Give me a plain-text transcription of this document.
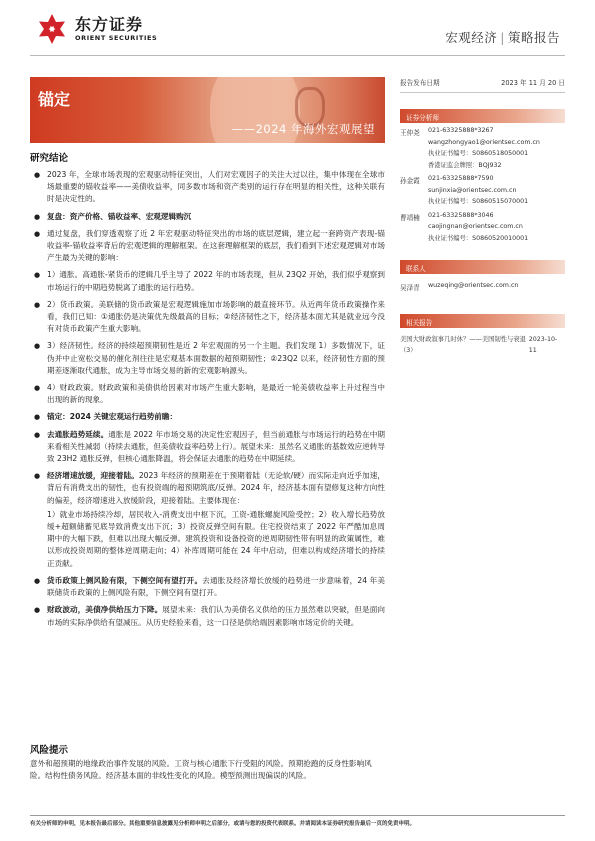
东方证券
ORIENT SECURITIES	宏观经济 | 策略报告
锚定
——2024 年海外宏观展望
研究结论
● 2023 年，全球市场表现的宏观驱动特征突出，人们对宏观因子的关注大过以往，集中体现在全球市场最重要的锚收益率——美债收益率，同多数市场和资产类别的运行存在明显的相关性，这种关联有时是决定性的。
● 复盘：资产价格、锚收益率、宏观逻辑购沉
● 通过复盘，我们穿透观察了近 2 年宏观驱动特征突出的市场的底层逻辑，建立起一套跨资产表现-锚收益率-锚收益率背后的宏观逻辑的理解框架。在这套理解框架的底层，我们看到下述宏观逻辑对市场产生最为关键的影响：
● 1）通胀。高通胀-紧货币的逻辑几乎主导了 2022 年的市场表现，但从 23Q2 开始，我们似乎观察到市场运行的中期趋势脱离了通胀的运行趋势。
● 2）货币政策。美联储的货币政策是宏观逻辑施加市场影响的最直接环节。从近两年货币政策操作来看，我们已知：①通胀仍是决策优先级最高的目标；②经济韧性之下，经济基本面尤其是就业远今没有对货币政策产生重大影响。
● 3）经济韧性。经济的持续超预期韧性是近 2 年宏观面的另一个主题。我们发现 1）多数情况下，证伪并中止宽松交易的催化剂往往是宏观基本面数据的超预期韧性；②23Q2 以来，经济韧性方面的预期差逐渐取代通胀，成为主导市场交易的新的宏观影响源头。
● 4）财政政策。财政政策和美债供给因素对市场产生重大影响，是最近一轮美债收益率上升过程当中出现的新的现象。
● 锚定：2024 关键宏观运行趋势前瞻：
● 去通胀趋势延续。通胀是 2022 年市场交易的决定性宏观因子，但当前通胀与市场运行的趋势在中期来看相关性减弱（持续去通胀，但美债收益率趋势上行）。展望未来：虽然名义通胀的基数效应逆转导致 23H2 通胀反弹，但核心通胀降温，将会保证去通胀的趋势在中期延续。
● 经济增速放缓，迎接着陆。2023 年经济的预期差在于预期着陆（无论软/硬）而实际走向近乎加速，背后有消费支出的韧性，也有投资端的超预期筑底/反弹。2024 年，经济基本面有望修复这种方向性的偏差，经济增速进入放缓阶段，迎接着陆。主要体现在：
1）就业市场持续冷却，居民收入-消费支出中枢下沉，工资-通胀螺旋风险受控；2）收入增长趋势放缓+超额储蓄见底导致消费支出下沉；3）投资反弹空间有限。住宅投资结束了 2022 年严酷加息周期中的大幅下跌，但难以出现大幅反弹。建筑投资和设备投资的逆周期韧性带有明显的政策属性，难以形成投资周期的整体逆周期走向；4）补库周期可能在 24 年中启动，但难以构成经济增长的持续正贡献。
● 货币政策上侧风险有限，下侧空间有望打开。去通胀及经济增长放缓的趋势进一步意味着，24 年美联储货币政策的上侧风险有限，下侧空间有望打开。
● 财政波动，美债净供给压力下降。展望未来：我们认为美债名义供给的压力虽然难以突破，但是面向市场的实际净供给有望减压。从历史经验来看，这一口径是供给端因素影响市场定价的关键。
风险提示
意外和超预期的地缘政治事件发展的风险。工资与核心通胀下行受阻的风险。预期抢跑的反身性影响风险。结构性债务风险。经济基本面的非线性变化的风险。模型预测出现偏误的风险。
报告发布日期	2023 年 11 月 20 日
证券分析师
王仲尧	021-63325888*3267
wangzhongyao1@orientsec.com.cn
执业证书编号：S0860518050001
香港证监会牌照：BQJ932
孙金霞	021-63325888*7590
sunjinxia@orientsec.com.cn
执业证书编号：S0860515070001
曹靖楠	021-63325888*3046
caojingnan@orientsec.com.cn
执业证书编号：S0860520010001
联系人
吴泽青	wuzeqing@orientsec.com.cn
相关报告
美国大财政叙事几时休？——美国韧性与衰退（3）
2023-10-11
有关分析师的申明，见本报告最后部分。其他重要信息披露见分析师申明之后部分，或请与您的投资代表联系。并请阅读本证券研究报告最后一页的免责申明。
